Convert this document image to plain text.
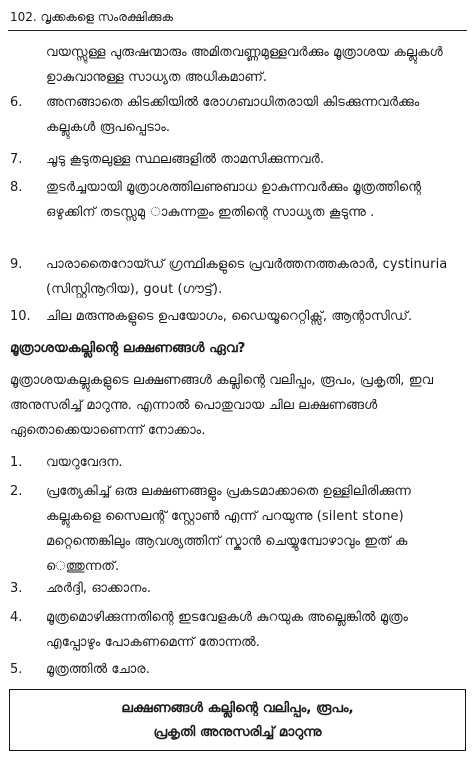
102. വൃക്കകളെ സംരക്ഷിക്കുക
വയസ്സുള്ള പുരുഷന്മാരും അമിതവണ്ണമുള്ളവർക്കും മൂത്രാശയ കല്ലുകൾ ഉാകുവാനുള്ള സാധ്യത അധികമാണ്.
6.	അനങ്ങാതെ കിടക്കിയിൽ രോഗബാധിതരായി കിടക്കുന്നവർക്കും കല്ലുകൾ രൂപപ്പെടാം.
7.	ചൂടു കൂടുതലുള്ള സ്ഥലങ്ങളിൽ താമസിക്കുന്നവർ.
8.	തുടർച്ചയായി മൂത്രാശത്തിലണുബാധ ഉാകുന്നവർക്കും മൂത്രത്തിന്റെ ഒഴുക്കിന് തടസ്സമു ാകുന്നതും ഇതിന്റെ സാധ്യത കൂടുന്നു .
9.	പാരാതൈറോയ്ഡ് ഗ്രന്ഥികളുടെ പ്രവർത്തനത്തകരാർ, cystinuria (സിസ്റ്റിനൂറിയ), gout (ഗൗട്ട്).
10.	ചില മരുന്നുകളുടെ ഉപയോഗം, ഡൈയൂറെറ്റിക്സ്, ആന്റാസിഡ്.
മൂത്രാശയകല്ലിന്റെ ലക്ഷണങ്ങൾ ഏവ?
മൂത്രാശയകല്ലുകളുടെ ലക്ഷണങ്ങൾ കല്ലിന്റെ വലിപ്പം, രൂപം, പ്രകൃതി, ഇവ അനുസരിച്ച് മാറുന്നു. എന്നാൽ പൊതുവായ ചില ലക്ഷണങ്ങൾ ഏതൊക്കെയാണെന്ന് നോക്കാം.
1.	വയറുവേദന.
2.	പ്രത്യേകിച്ച് ഒരു ലക്ഷണങ്ങളും പ്രകടമാക്കാതെ ഉള്ളിലിരിക്കുന്ന കല്ലുകളെ സൈലന്റ് സ്റ്റോൺ എന്ന് പറയുന്നു (silent stone) മറ്റെന്തെങ്കിലും ആവശ്യത്തിന് സ്കാൻ ചെയ്യുമ്പോഴാവും ഇത് ക െത്തുന്നത്.
3.	ഛർദ്ദി, ഓക്കാനം.
4.	മൂത്രമൊഴിക്കുന്നതിന്റെ ഇടവേളകൾ കുറയുക അല്ലെങ്കിൽ മൂത്രം എപ്പോഴും പോകണമെന്ന് തോന്നൽ.
5.	മൂത്രത്തിൽ ചോര.
ലക്ഷണങ്ങൾ കല്ലിന്റെ വലിപ്പം, രൂപം,
പ്രകൃതി അനുസരിച്ച് മാറുന്നു
